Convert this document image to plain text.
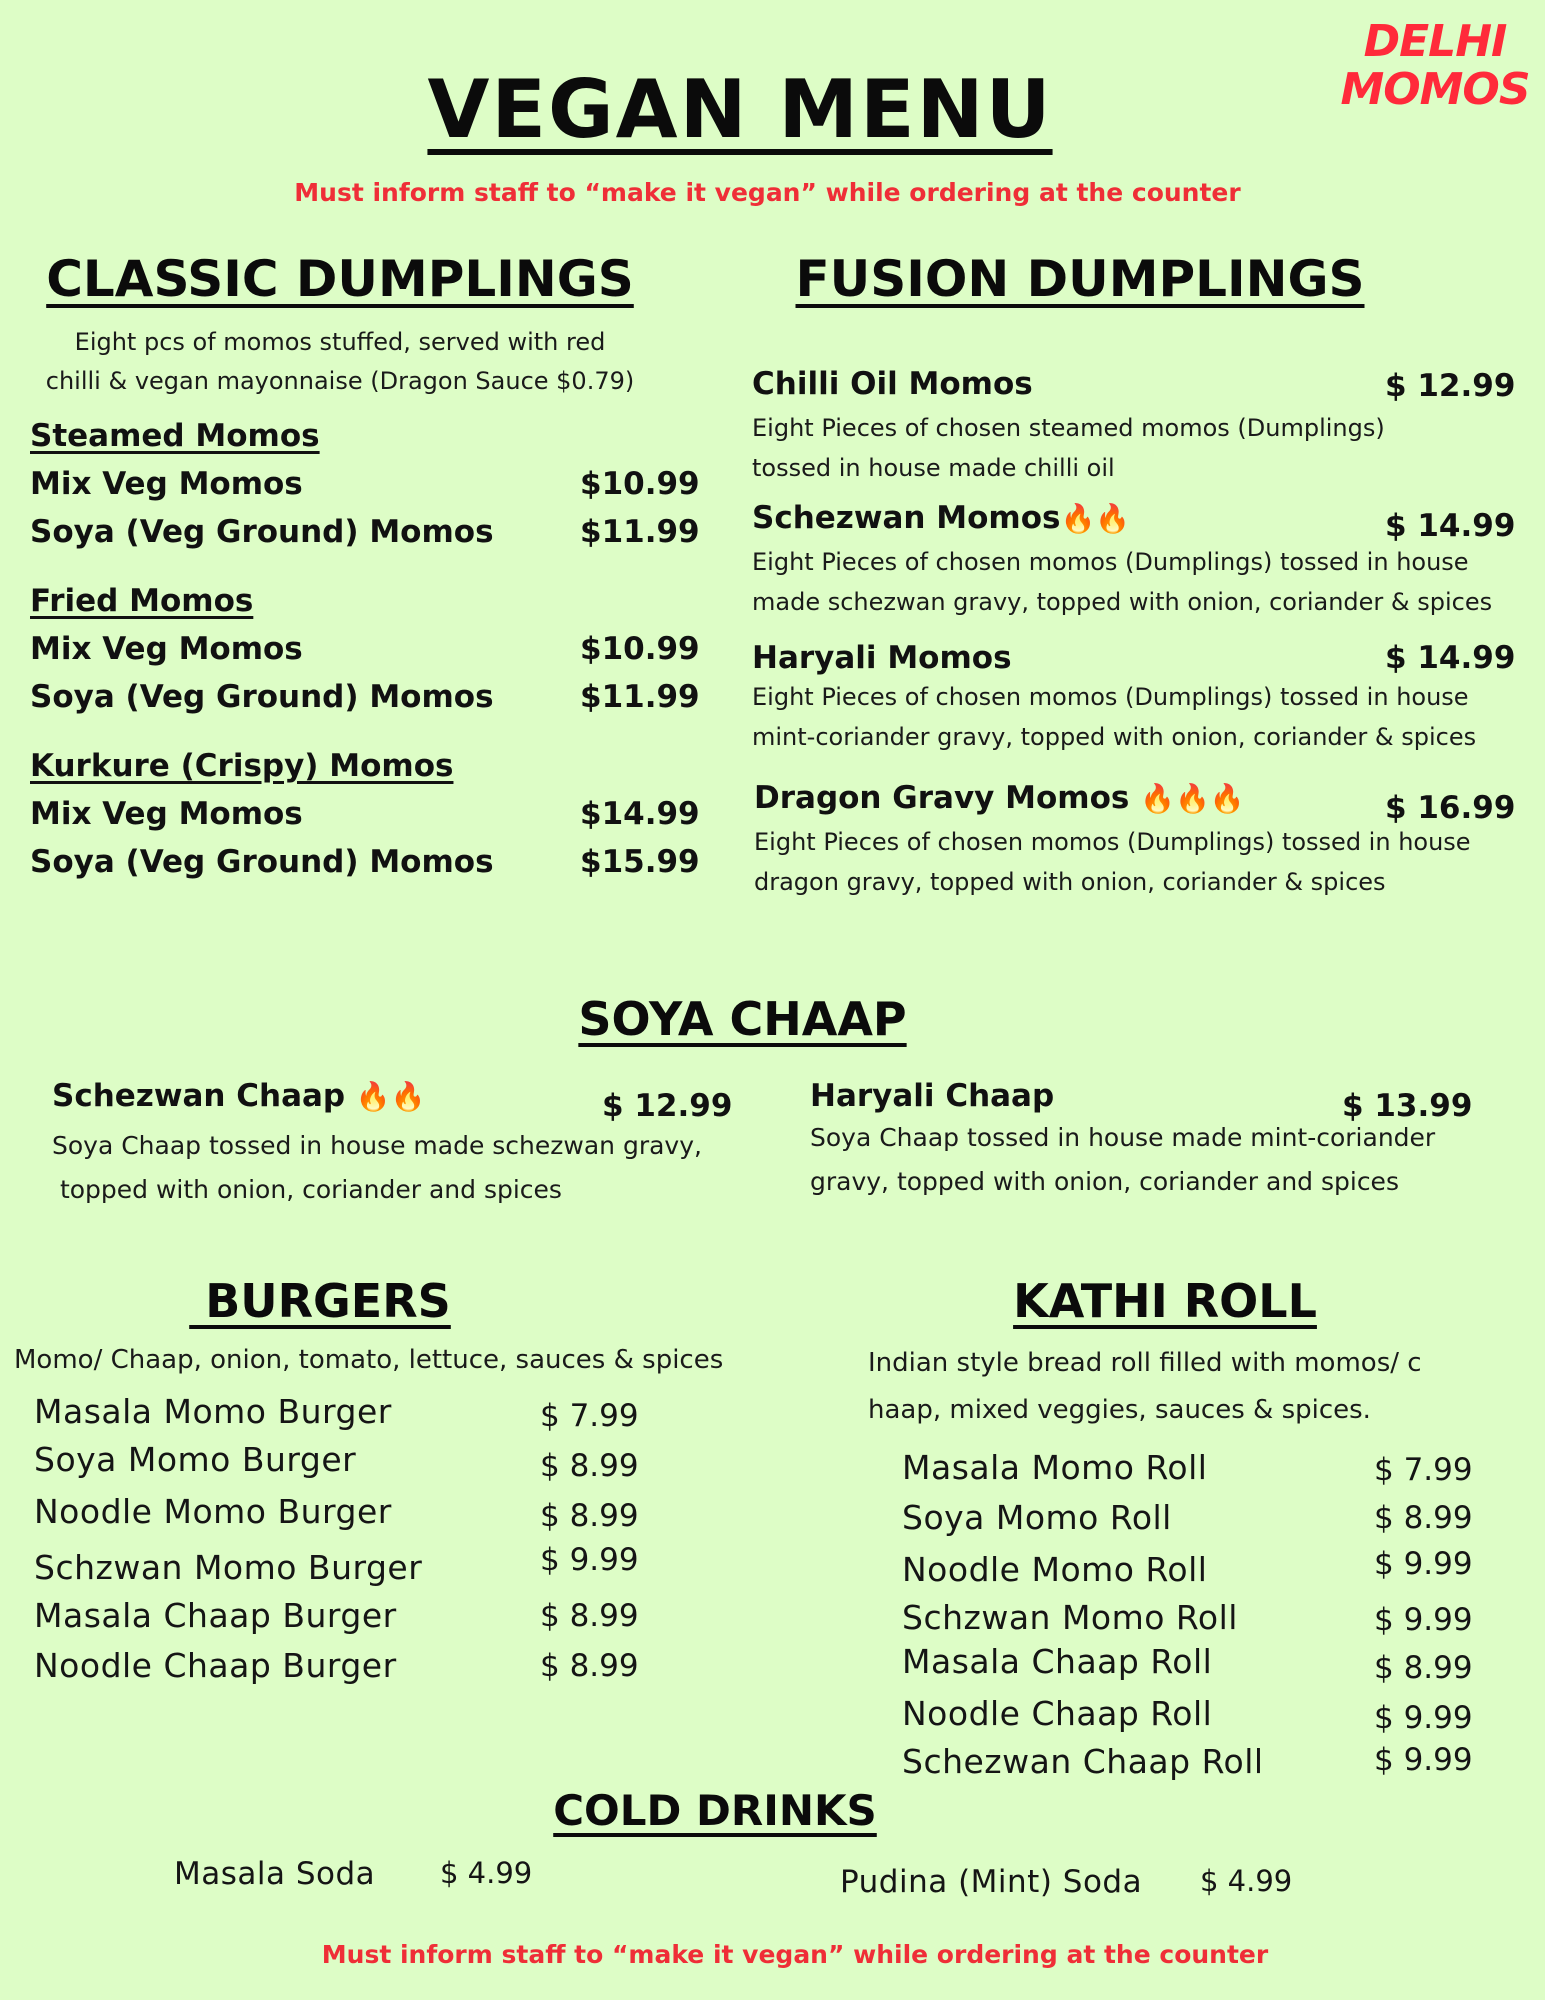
DELHI
MOMOS
VEGAN MENU
Must inform staff to “make it vegan” while ordering at the counter
CLASSIC DUMPLINGS
Eight pcs of momos stuffed, served with red
chilli & vegan mayonnaise (Dragon Sauce $0.79)
Steamed Momos
Mix Veg Momos	$10.99
Soya (Veg Ground) Momos	$11.99
Fried Momos
Mix Veg Momos	$10.99
Soya (Veg Ground) Momos	$11.99
Kurkure (Crispy) Momos
Mix Veg Momos	$14.99
Soya (Veg Ground) Momos	$15.99
FUSION DUMPLINGS
Chilli Oil Momos	$ 12.99
Eight Pieces of chosen steamed momos (Dumplings)
tossed in house made chilli oil
Schezwan Momos🔥🔥	$ 14.99
Eight Pieces of chosen momos (Dumplings) tossed in house
made schezwan gravy, topped with onion, coriander & spices
Haryali Momos	$ 14.99
Eight Pieces of chosen momos (Dumplings) tossed in house
mint-coriander gravy, topped with onion, coriander & spices
Dragon Gravy Momos 🔥🔥🔥	$ 16.99
Eight Pieces of chosen momos (Dumplings) tossed in house
dragon gravy, topped with onion, coriander & spices
SOYA CHAAP
Schezwan Chaap 🔥🔥	$ 12.99
Soya Chaap tossed in house made schezwan gravy,
topped with onion, coriander and spices
Haryali Chaap	$ 13.99
Soya Chaap tossed in house made mint-coriander
gravy, topped with onion, coriander and spices
BURGERS
Momo/ Chaap, onion, tomato, lettuce, sauces & spices
Masala Momo Burger	$ 7.99
Soya Momo Burger	$ 8.99
Noodle Momo Burger	$ 8.99
Schzwan Momo Burger	$ 9.99
Masala Chaap Burger	$ 8.99
Noodle Chaap Burger	$ 8.99
KATHI ROLL
Indian style bread roll filled with momos/ c
haap, mixed veggies, sauces & spices.
Masala Momo Roll	$ 7.99
Soya Momo Roll	$ 8.99
Noodle Momo Roll	$ 9.99
Schzwan Momo Roll	$ 9.99
Masala Chaap Roll	$ 8.99
Noodle Chaap Roll	$ 9.99
Schezwan Chaap Roll	$ 9.99
COLD DRINKS
Masala Soda $ 4.99	Pudina (Mint) Soda $ 4.99
Must inform staff to “make it vegan” while ordering at the counter
